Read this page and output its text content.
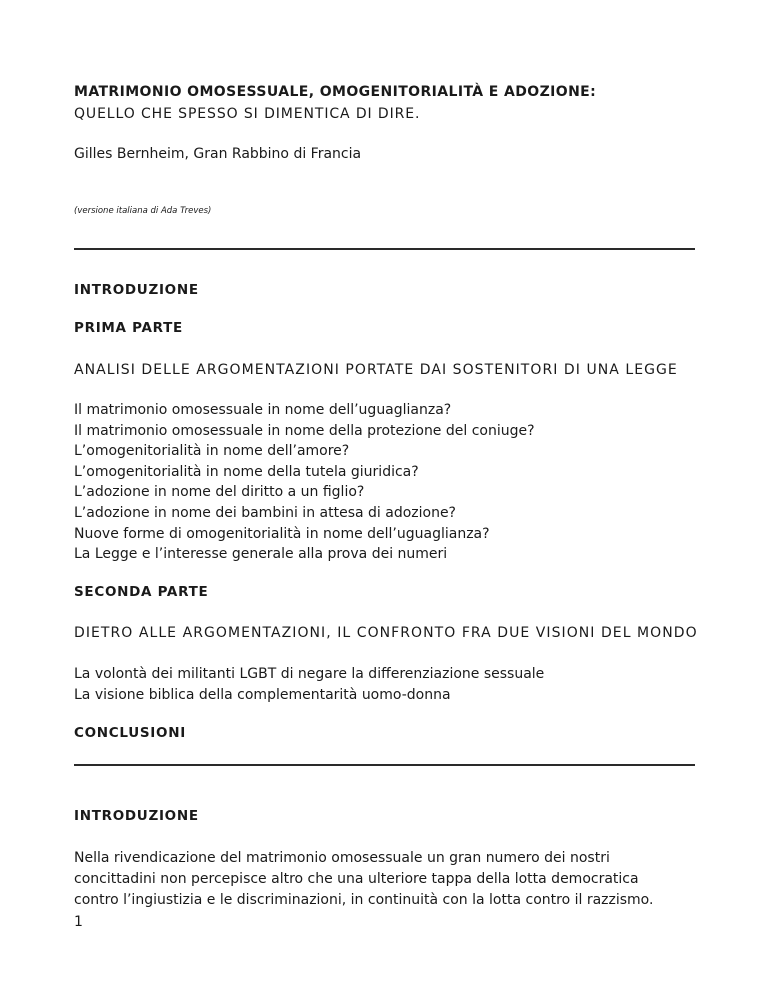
MATRIMONIO OMOSESSUALE, OMOGENITORIALITÀ E ADOZIONE:
QUELLO CHE SPESSO SI DIMENTICA DI DIRE.
Gilles Bernheim, Gran Rabbino di Francia
(versione italiana di Ada Treves)
INTRODUZIONE
PRIMA PARTE
ANALISI DELLE ARGOMENTAZIONI PORTATE DAI SOSTENITORI DI UNA LEGGE
Il matrimonio omosessuale in nome dell’uguaglianza?
Il matrimonio omosessuale in nome della protezione del coniuge?
L’omogenitorialità in nome dell’amore?
L’omogenitorialità in nome della tutela giuridica?
L’adozione in nome del diritto a un figlio?
L’adozione in nome dei bambini in attesa di adozione?
Nuove forme di omogenitorialità in nome dell’uguaglianza?
La Legge e l’interesse generale alla prova dei numeri
SECONDA PARTE
DIETRO ALLE ARGOMENTAZIONI, IL CONFRONTO FRA DUE VISIONI DEL MONDO
La volontà dei militanti LGBT di negare la differenziazione sessuale
La visione biblica della complementarità uomo-donna
CONCLUSIONI
INTRODUZIONE
Nella rivendicazione del matrimonio omosessuale un gran numero dei nostri
concittadini non percepisce altro che una ulteriore tappa della lotta democratica
contro l’ingiustizia e le discriminazioni, in continuità con la lotta contro il razzismo.
1
